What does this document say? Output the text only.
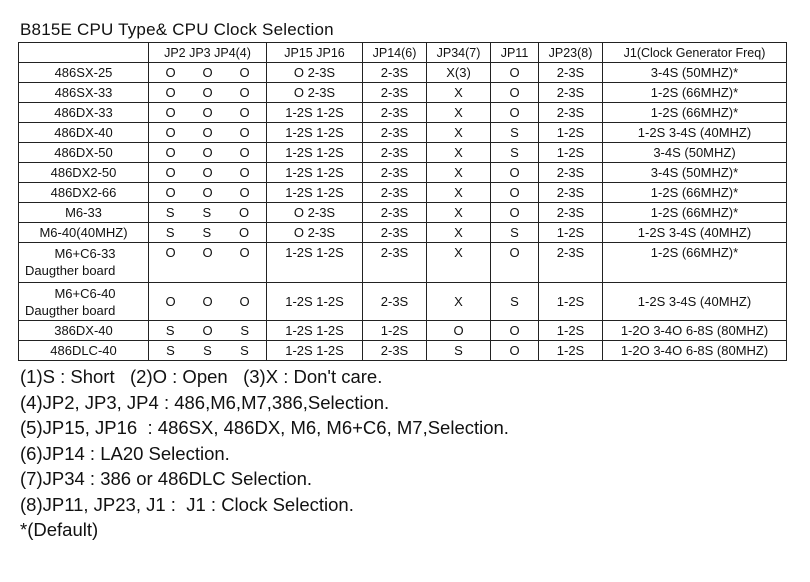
B815E CPU Type& CPU Clock Selection
	JP2 JP3 JP4(4)	JP15 JP16	JP14(6)	JP34(7)	JP11	JP23(8)	J1(Clock Generator Freq)

486SX-25	O O O	O 2-3S	2-3S	X(3)	O	2-3S	3-4S (50MHZ)*

486SX-33	O O O	O 2-3S	2-3S	X	O	2-3S	1-2S (66MHZ)*

486DX-33	O O O	1-2S 1-2S	2-3S	X	O	2-3S	1-2S (66MHZ)*

486DX-40	O O O	1-2S 1-2S	2-3S	X	S	1-2S	1-2S 3-4S (40MHZ)

486DX-50	O O O	1-2S 1-2S	2-3S	X	S	1-2S	3-4S (50MHZ)

486DX2-50	O O O	1-2S 1-2S	2-3S	X	O	2-3S	3-4S (50MHZ)*

486DX2-66	O O O	1-2S 1-2S	2-3S	X	O	2-3S	1-2S (66MHZ)*

M6-33	S S O	O 2-3S	2-3S	X	O	2-3S	1-2S (66MHZ)*

M6-40(40MHZ)	S S O	O 2-3S	2-3S	X	S	1-2S	1-2S 3-4S (40MHZ)

M6+C6-33
Daugther board	O O O	1-2S 1-2S	2-3S	X	O	2-3S	1-2S (66MHZ)*

M6+C6-40
Daugther board	O O O	1-2S 1-2S	2-3S	X	S	1-2S	1-2S 3-4S (40MHZ)

386DX-40	S O S	1-2S 1-2S	1-2S	O	O	1-2S	1-2O 3-4O 6-8S (80MHZ)

486DLC-40	S S S	1-2S 1-2S	2-3S	S	O	1-2S	1-2O 3-4O 6-8S (80MHZ)
(1)S : Short   (2)O : Open   (3)X : Don't care.
(4)JP2, JP3, JP4 : 486,M6,M7,386,Selection.
(5)JP15, JP16  : 486SX, 486DX, M6, M6+C6, M7,Selection.
(6)JP14 : LA20 Selection.
(7)JP34 : 386 or 486DLC Selection.
(8)JP11, JP23, J1 :  J1 : Clock Selection.
*(Default)
